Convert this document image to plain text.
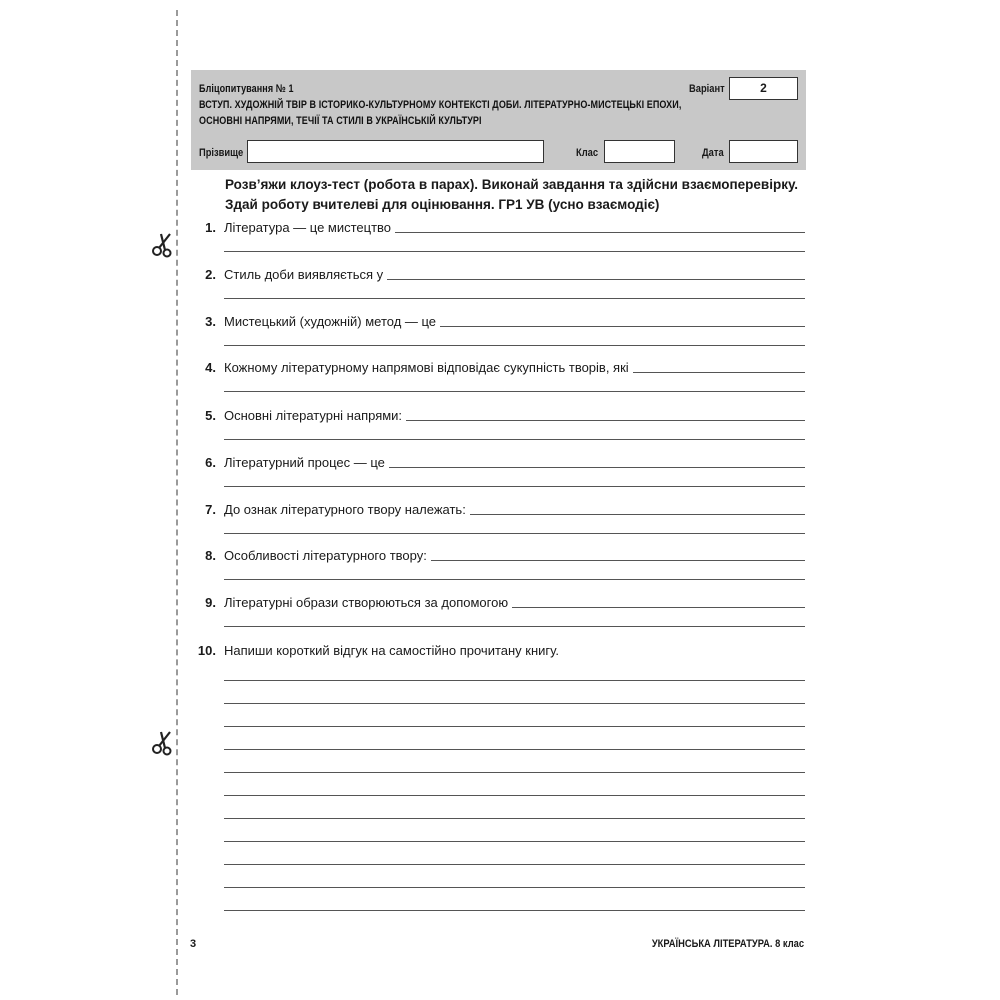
Бліцопитування № 1
ВСТУП. ХУДОЖНІЙ ТВІР В ІСТОРИКО-КУЛЬТУРНОМУ КОНТЕКСТІ ДОБИ. ЛІТЕРАТУРНО-МИСТЕЦЬКІ ЕПОХИ,
ОСНОВНІ НАПРЯМИ, ТЕЧІЇ ТА СТИЛІ В УКРАЇНСЬКІЙ КУЛЬТУРІ
Варіант	2
Прізвище	Клас	Дата
Розв’яжи клоуз-тест (робота в парах). Виконай завдання та здійсни взаємоперевірку.
Здай роботу вчителеві для оцінювання. ГР1 УВ (усно взаємодіє)
1. Література — це мистецтво
2. Стиль доби виявляється у
3. Мистецький (художній) метод — це
4. Кожному літературному напрямові відповідає сукупність творів, які
5. Основні літературні напрями:
6. Літературний процес — це
7. До ознак літературного твору належать:
8. Особливості літературного твору:
9. Літературні образи створюються за допомогою
10. Напиши короткий відгук на самостійно прочитану книгу.
3	УКРАЇНСЬКА ЛІТЕРАТУРА. 8 клас
